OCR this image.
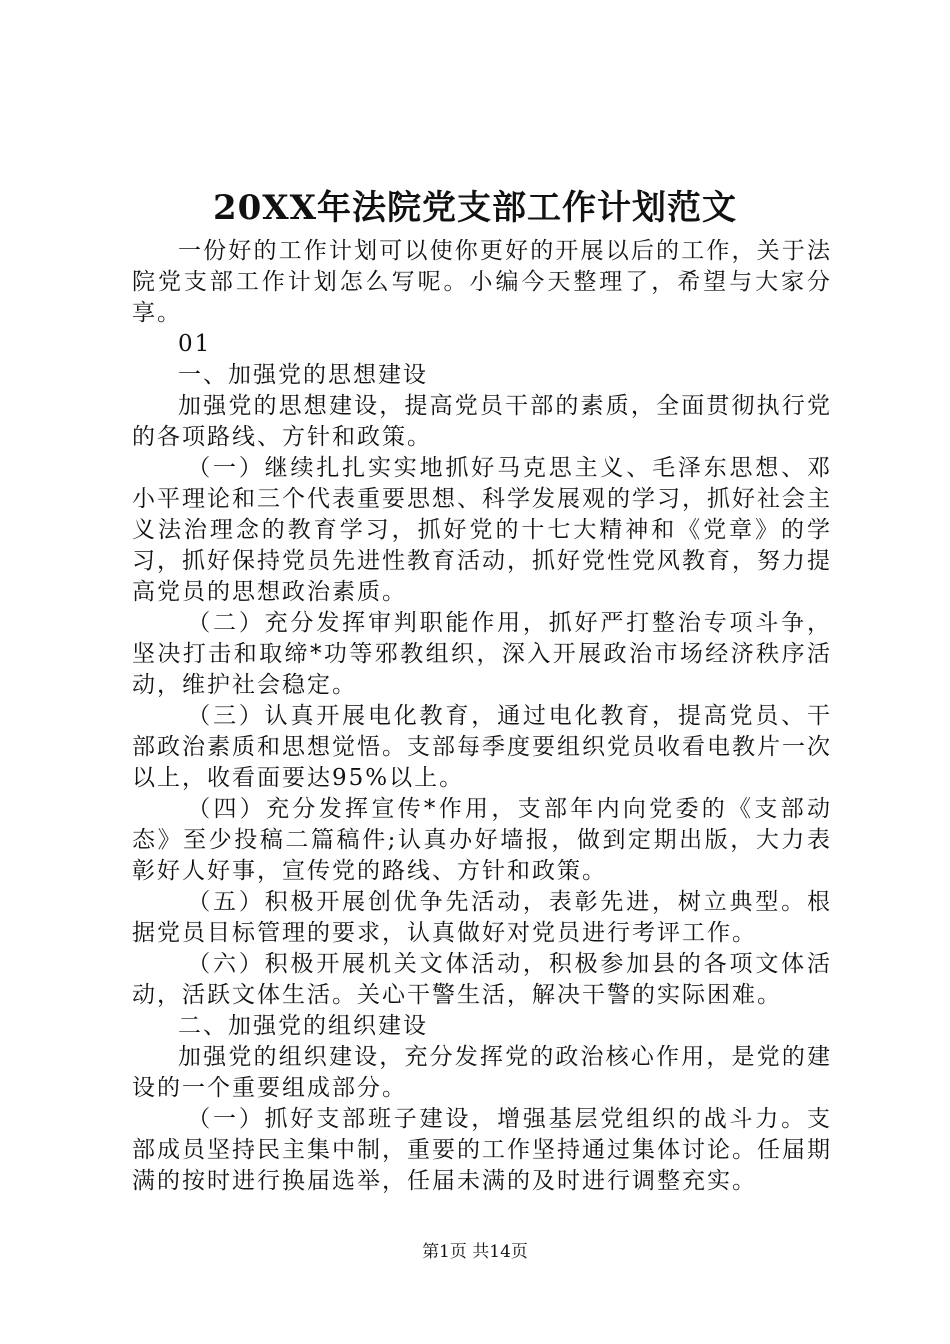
20XX年法院党支部工作计划范文

一份好的工作计划可以使你更好的开展以后的工作，关于法院党支部工作计划怎么写呢。小编今天整理了，希望与大家分享。

01

一、加强党的思想建设

加强党的思想建设，提高党员干部的素质，全面贯彻执行党的各项路线、方针和政策。

（一）继续扎扎实实地抓好马克思主义、毛泽东思想、邓小平理论和三个代表重要思想、科学发展观的学习，抓好社会主义法治理念的教育学习，抓好党的十七大精神和《党章》的学习，抓好保持党员先进性教育活动，抓好党性党风教育，努力提高党员的思想政治素质。

（二）充分发挥审判职能作用，抓好严打整治专项斗争，坚决打击和取缔*功等邪教组织，深入开展政治市场经济秩序活动，维护社会稳定。

（三）认真开展电化教育，通过电化教育，提高党员、干部政治素质和思想觉悟。支部每季度要组织党员收看电教片一次以上，收看面要达95%以上。

（四）充分发挥宣传*作用，支部年内向党委的《支部动态》至少投稿二篇稿件;认真办好墙报，做到定期出版，大力表彰好人好事，宣传党的路线、方针和政策。

（五）积极开展创优争先活动，表彰先进，树立典型。根据党员目标管理的要求，认真做好对党员进行考评工作。

（六）积极开展机关文体活动，积极参加县的各项文体活动，活跃文体生活。关心干警生活，解决干警的实际困难。

二、加强党的组织建设

加强党的组织建设，充分发挥党的政治核心作用，是党的建设的一个重要组成部分。

（一）抓好支部班子建设，增强基层党组织的战斗力。支部成员坚持民主集中制，重要的工作坚持通过集体讨论。任届期满的按时进行换届选举，任届未满的及时进行调整充实。

第1页 共14页
